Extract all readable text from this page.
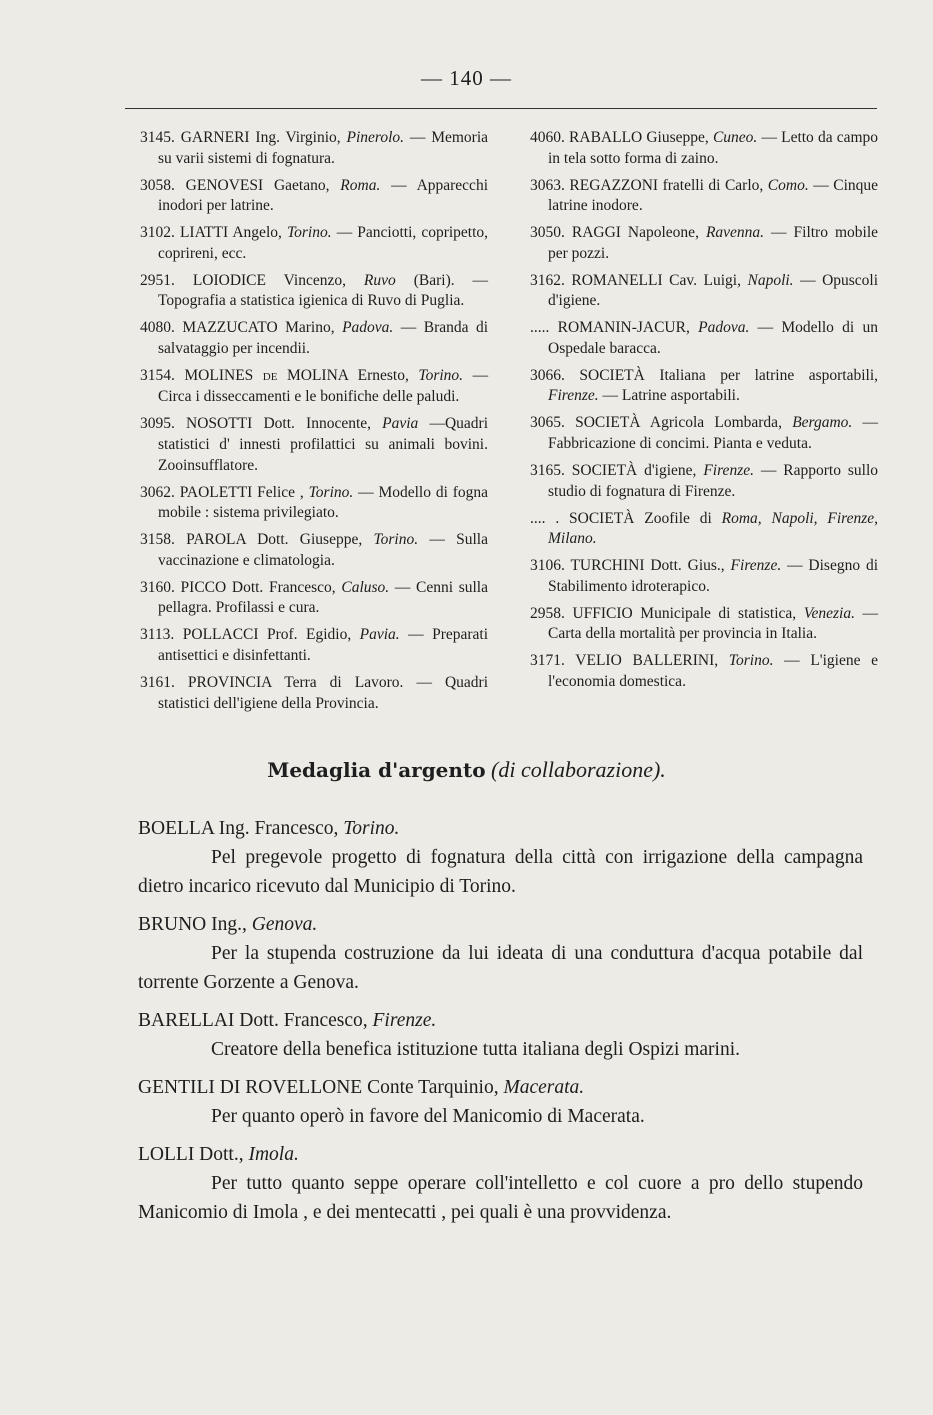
— 140 —

3145. GARNERI Ing. Virginio, Pinerolo. — Memoria su varii sistemi di fognatura.

3058. GENOVESI Gaetano, Roma. — Apparecchi inodori per latrine.

3102. LIATTI Angelo, Torino. — Panciotti, copripetto, coprireni, ecc.

2951. LOIODICE Vincenzo, Ruvo (Bari). — Topografia a statistica igienica di Ruvo di Puglia.

4080. MAZZUCATO Marino, Padova. — Branda di salvataggio per incendii.

3154. MOLINES DE MOLINA Ernesto, Torino. — Circa i disseccamenti e le bonifiche delle paludi.

3095. NOSOTTI Dott. Innocente, Pavia —Quadri statistici d' innesti profilattici su animali bovini. Zooinsufflatore.

3062. PAOLETTI Felice , Torino. — Modello di fogna mobile : sistema privilegiato.

3158. PAROLA Dott. Giuseppe, Torino. — Sulla vaccinazione e climatologia.

3160. PICCO Dott. Francesco, Caluso. — Cenni sulla pellagra. Profilassi e cura.

3113. POLLACCI Prof. Egidio, Pavia. — Preparati antisettici e disinfettanti.

3161. PROVINCIA Terra di Lavoro. — Quadri statistici dell'igiene della Provincia.

4060. RABALLO Giuseppe, Cuneo. — Letto da campo in tela sotto forma di zaino.

3063. REGAZZONI fratelli di Carlo, Como. — Cinque latrine inodore.

3050. RAGGI Napoleone, Ravenna. — Filtro mobile per pozzi.

3162. ROMANELLI Cav. Luigi, Napoli. — Opuscoli d'igiene.

..... ROMANIN-JACUR, Padova. — Modello di un Ospedale baracca.

3066. SOCIETÀ Italiana per latrine asportabili, Firenze. — Latrine asportabili.

3065. SOCIETÀ Agricola Lombarda, Bergamo. — Fabbricazione di concimi. Pianta e veduta.

3165. SOCIETÀ d'igiene, Firenze. — Rapporto sullo studio di fognatura di Firenze.

.... . SOCIETÀ Zoofile di Roma, Napoli, Firenze, Milano.

3106. TURCHINI Dott. Gius., Firenze. — Disegno di Stabilimento idroterapico.

2958. UFFICIO Municipale di statistica, Venezia. — Carta della mortalità per provincia in Italia.

3171. VELIO BALLERINI, Torino. — L'igiene e l'economia domestica.

Medaglia d'argento (di collaborazione).
BOELLA Ing. Francesco, Torino.
Pel pregevole progetto di fognatura della città con irrigazione della campagna dietro incarico ricevuto dal Municipio di Torino.
BRUNO Ing., Genova.
Per la stupenda costruzione da lui ideata di una conduttura d'acqua potabile dal torrente Gorzente a Genova.
BARELLAI Dott. Francesco, Firenze.
Creatore della benefica istituzione tutta italiana degli Ospizi marini.
GENTILI DI ROVELLONE Conte Tarquinio, Macerata.
Per quanto operò in favore del Manicomio di Macerata.
LOLLI Dott., Imola.
Per tutto quanto seppe operare coll'intelletto e col cuore a pro dello stupendo Manicomio di Imola , e dei mentecatti , pei quali è una provvidenza.
